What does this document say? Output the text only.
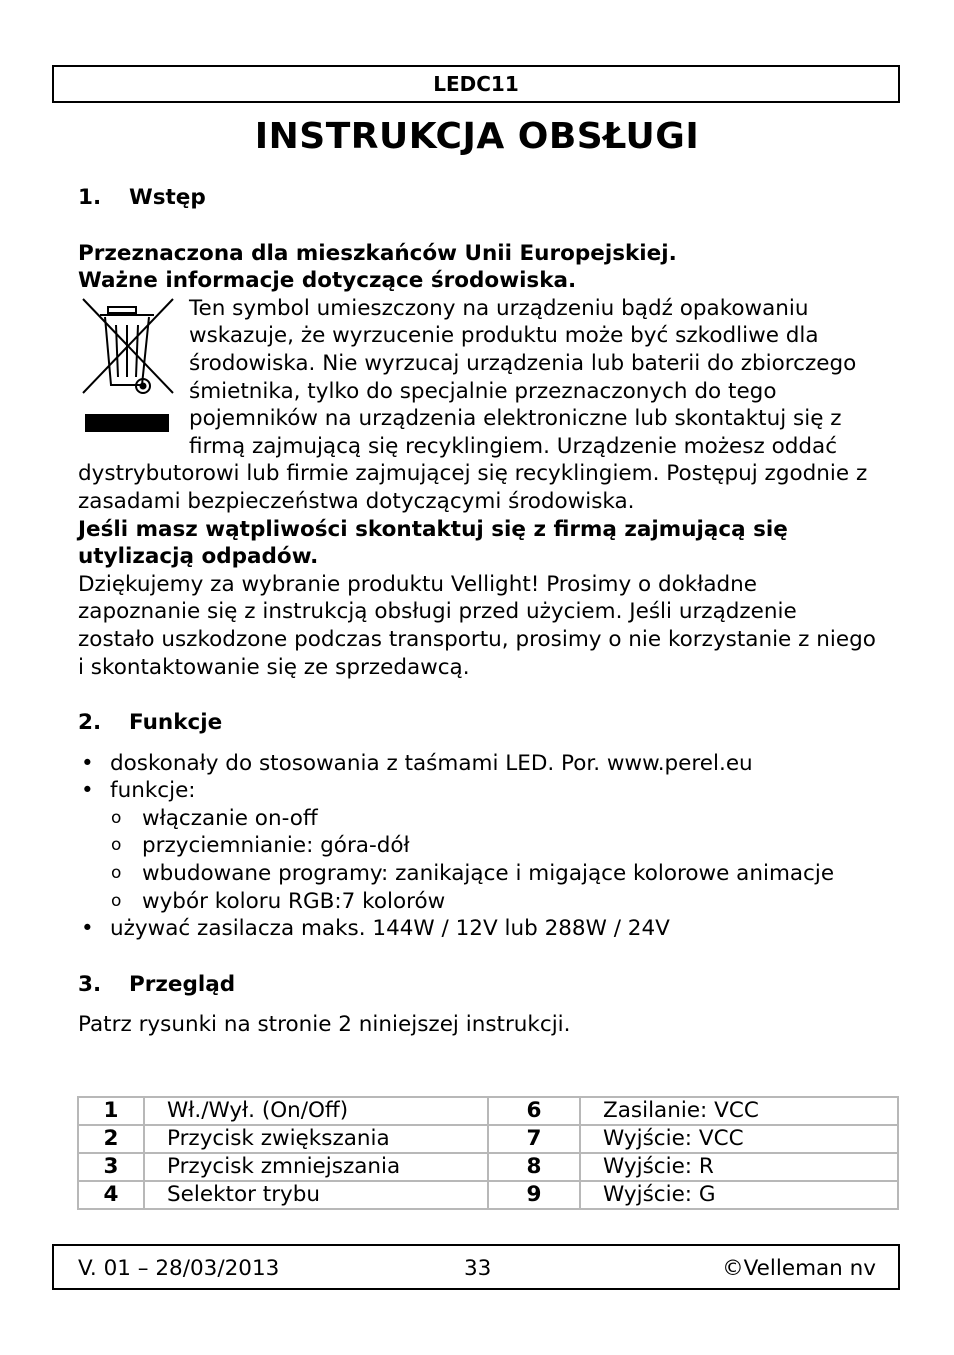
LEDC11
INSTRUKCJA OBSŁUGI
1.	Wstęp

Przeznaczona dla mieszkańców Unii Europejskiej.

Ważne informacje dotyczące środowiska.

Ten symbol umieszczony na urządzeniu bądź opakowaniu wskazuje, że wyrzucenie produktu może być szkodliwe dla środowiska. Nie wyrzucaj urządzenia lub baterii do zbiorczego śmietnika, tylko do specjalnie przeznaczonych do tego pojemników na urządzenia elektroniczne lub skontaktuj się z firmą zajmującą się recyklingiem. Urządzenie możesz oddać dystrybutorowi lub firmie zajmującej się recyklingiem. Postępuj zgodnie z zasadami bezpieczeństwa dotyczącymi środowiska.

Jeśli masz wątpliwości skontaktuj się z firmą zajmującą się utylizacją odpadów.

Dziękujemy za wybranie produktu Vellight! Prosimy o dokładne zapoznanie się z instrukcją obsługi przed użyciem. Jeśli urządzenie zostało uszkodzone podczas transportu, prosimy o nie korzystanie z niego i skontaktowanie się ze sprzedawcą.

2.	Funkcje
• doskonały do stosowania z taśmami LED. Por. www.perel.eu
• funkcje:
o włączanie on-off
o przyciemnianie: góra-dół
o wbudowane programy: zanikające i migające kolorowe animacje
o wybór koloru RGB:7 kolorów
• używać zasilacza maks. 144W / 12V lub 288W / 24V
3.	Przegląd

Patrz rysunki na stronie 2 niniejszej instrukcji.

1	Wł./Wył. (On/Off)	6	Zasilanie: VCC
2	Przycisk zwiększania	7	Wyjście: VCC
3	Przycisk zmniejszania	8	Wyjście: R
4	Selektor trybu	9	Wyjście: G
V. 01 – 28/03/2013	33	©Velleman nv
